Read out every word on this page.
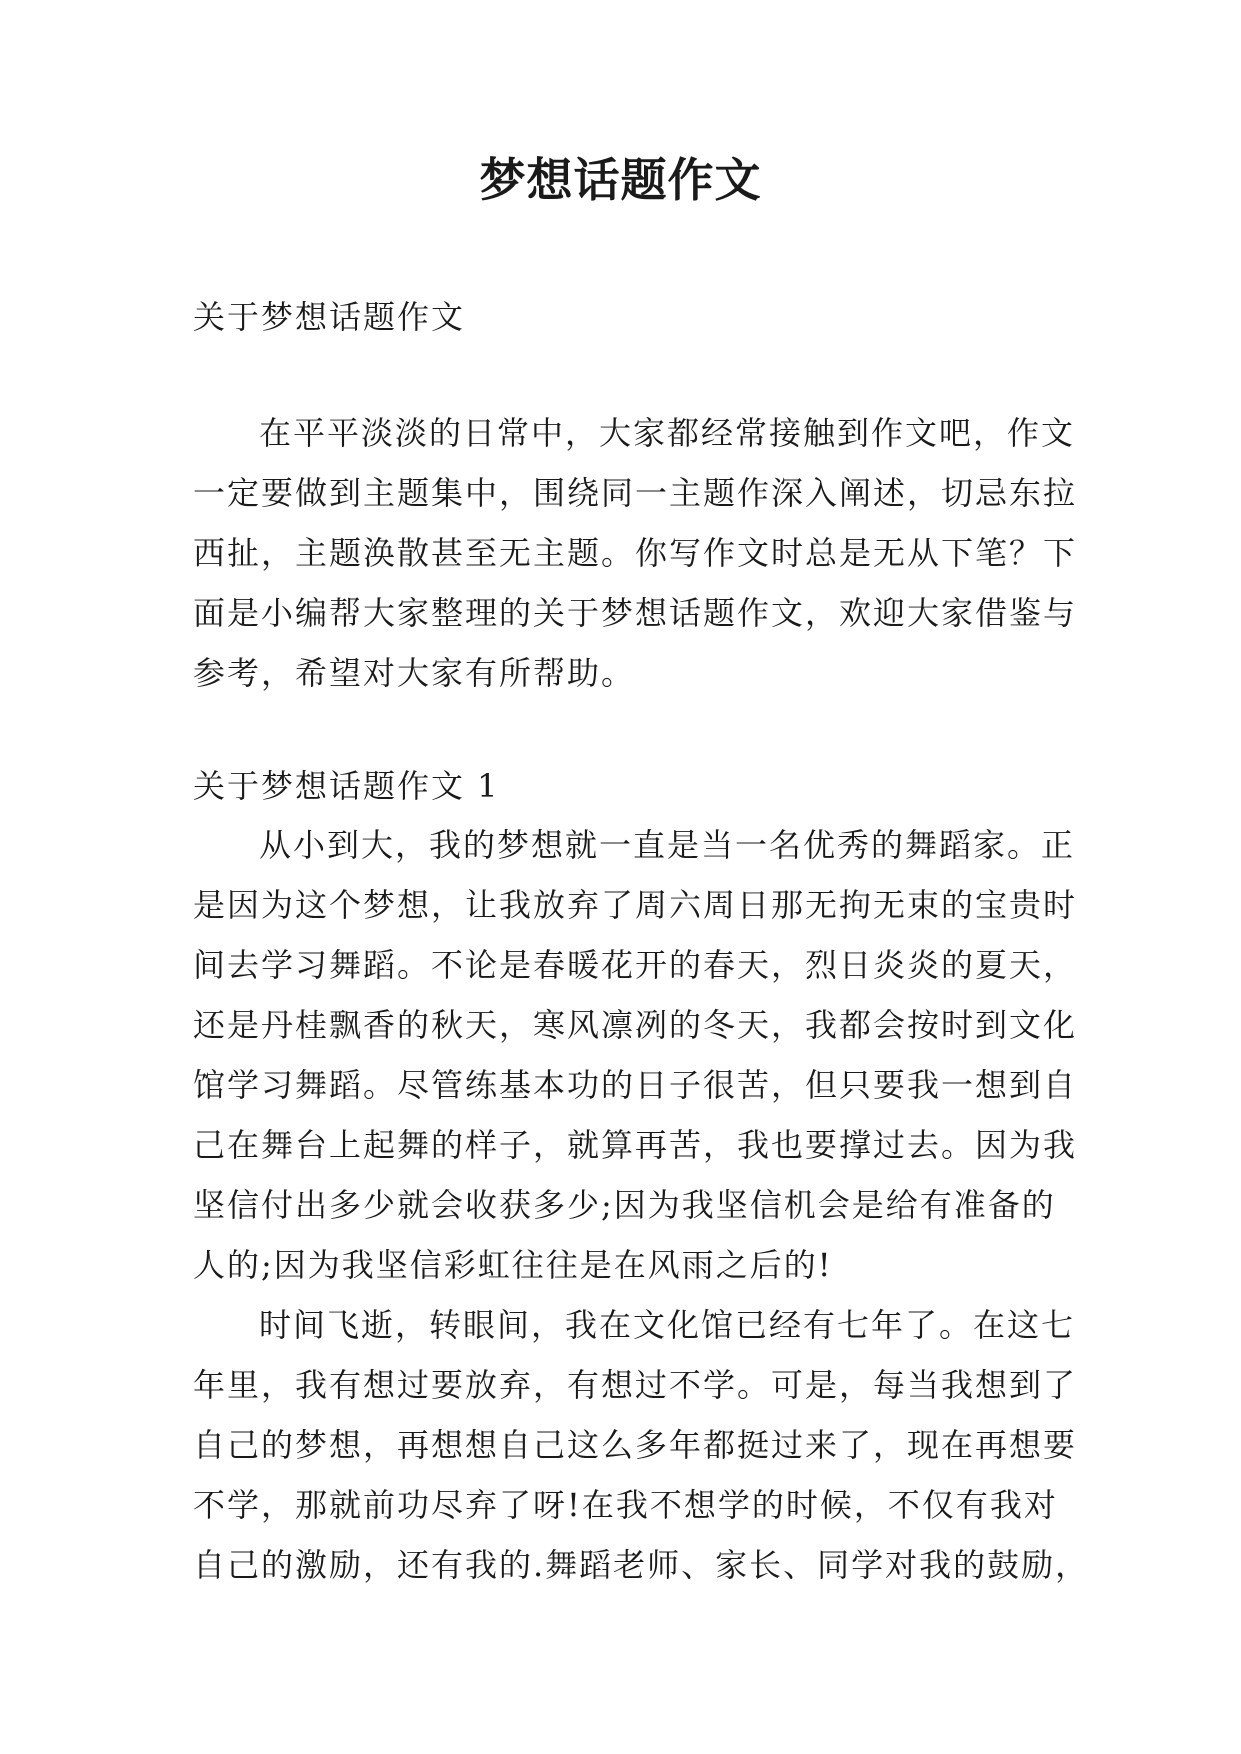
梦想话题作文
关于梦想话题作文
在平平淡淡的日常中，大家都经常接触到作文吧，作文
一定要做到主题集中，围绕同一主题作深入阐述，切忌东拉
西扯，主题涣散甚至无主题。你写作文时总是无从下笔？下
面是小编帮大家整理的关于梦想话题作文，欢迎大家借鉴与
参考，希望对大家有所帮助。
关于梦想话题作文 1
从小到大，我的梦想就一直是当一名优秀的舞蹈家。正
是因为这个梦想，让我放弃了周六周日那无拘无束的宝贵时
间去学习舞蹈。不论是春暖花开的春天，烈日炎炎的夏天，
还是丹桂飘香的秋天，寒风凛冽的冬天，我都会按时到文化
馆学习舞蹈。尽管练基本功的日子很苦，但只要我一想到自
己在舞台上起舞的样子，就算再苦，我也要撑过去。因为我
坚信付出多少就会收获多少;因为我坚信机会是给有准备的
人的;因为我坚信彩虹往往是在风雨之后的!
时间飞逝，转眼间，我在文化馆已经有七年了。在这七
年里，我有想过要放弃，有想过不学。可是，每当我想到了
自己的梦想，再想想自己这么多年都挺过来了，现在再想要
不学，那就前功尽弃了呀!在我不想学的时候，不仅有我对
自己的激励，还有我的.舞蹈老师、家长、同学对我的鼓励，
